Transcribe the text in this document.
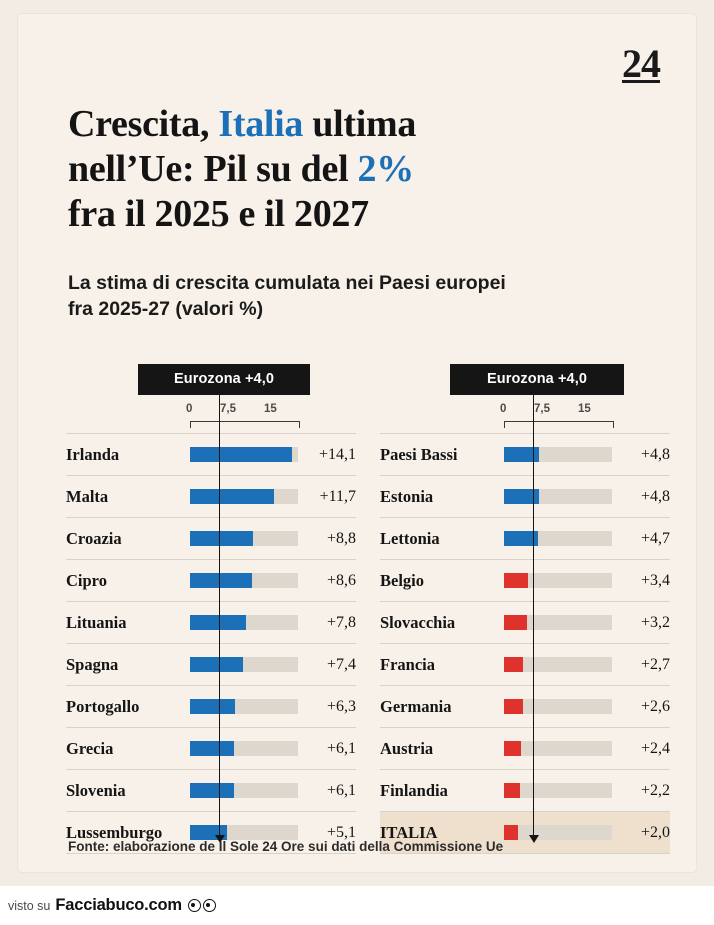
24
Crescita, Italia ultima
nell’Ue: Pil su del 2%
fra il 2025 e il 2027
La stima di crescita cumulata nei Paesi europei
fra 2025-27 (valori %)
Eurozona +4,0
0 7,5 15
Irlanda	+14,1
Malta	+11,7
Croazia	+8,8
Cipro	+8,6
Lituania	+7,8
Spagna	+7,4
Portogallo	+6,3
Grecia	+6,1
Slovenia	+6,1
Lussemburgo	+5,1
Eurozona +4,0
0 7,5 15
Paesi Bassi	+4,8
Estonia	+4,8
Lettonia	+4,7
Belgio	+3,4
Slovacchia	+3,2
Francia	+2,7
Germania	+2,6
Austria	+2,4
Finlandia	+2,2
ITALIA	+2,0
Fonte: elaborazione de Il Sole 24 Ore sui dati della Commissione Ue
visto su Facciabuco.com
